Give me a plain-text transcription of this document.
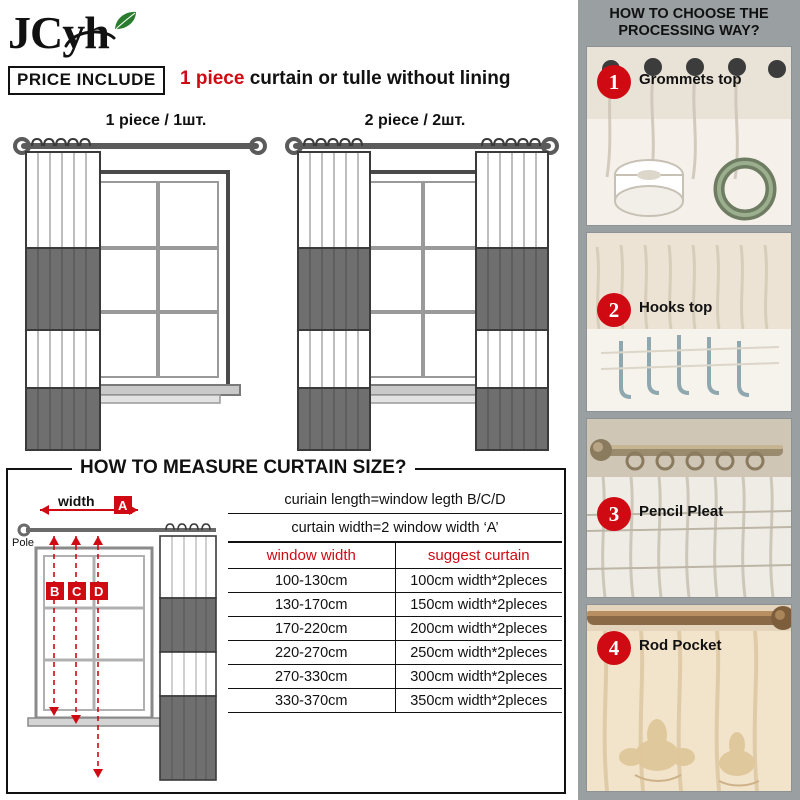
JCyh
PRICE INCLUDE	1 piece curtain or tulle without lining
1 piece / 1шт.	2 piece / 2шт.
HOW TO MEASURE CURTAIN SIZE?
width A
Pole
B C D
curiain length=window legth B/C/D
curtain width=2 window width ‘A’
window width	suggest curtain
100-130cm	100cm width*2pleces
130-170cm	150cm width*2pleces
170-220cm	200cm width*2pleces
220-270cm	250cm width*2pleces
270-330cm	300cm width*2pleces
330-370cm	350cm width*2pleces
HOW TO CHOOSE THE
PROCESSING WAY?
1	Grommets top
2	Hooks top
3	Pencil Pleat
4	Rod Pocket
